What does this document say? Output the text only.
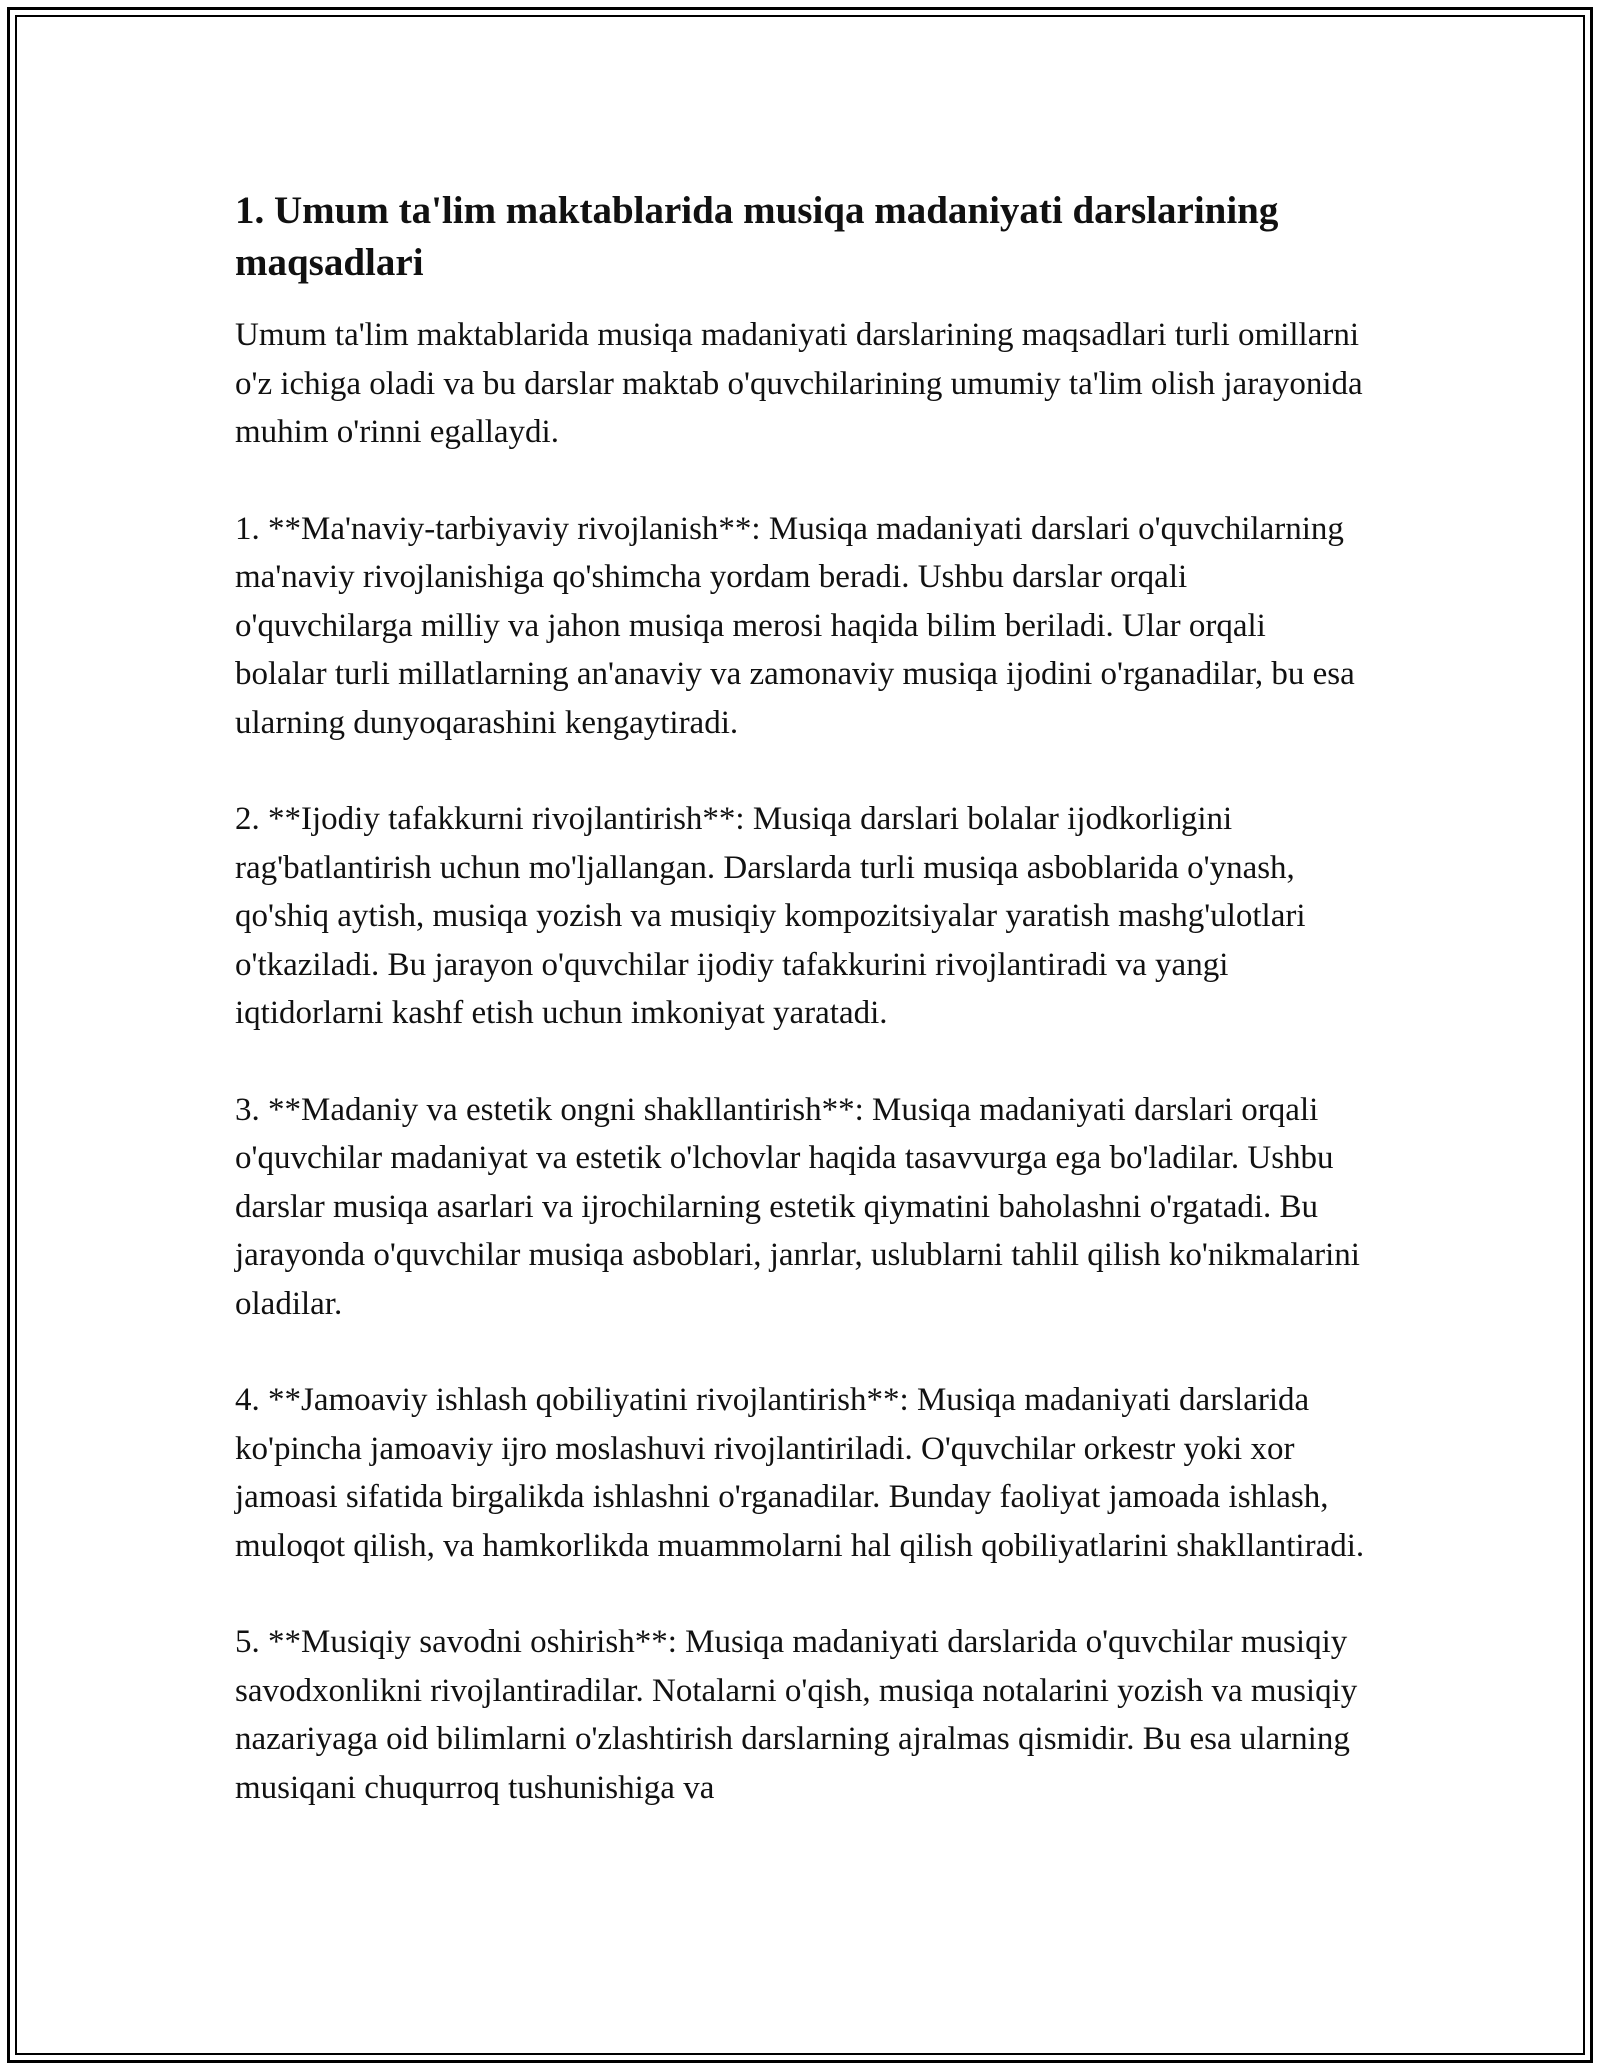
1. Umum ta'lim maktablarida musiqa madaniyati darslarining maqsadlari

Umum ta'lim maktablarida musiqa madaniyati darslarining maqsadlari turli omillarni o'z ichiga oladi va bu darslar maktab o'quvchilarining umumiy ta'lim olish jarayonida muhim o'rinni egallaydi.

1. **Ma'naviy-tarbiyaviy rivojlanish**: Musiqa madaniyati darslari o'quvchilarning ma'naviy rivojlanishiga qo'shimcha yordam beradi. Ushbu darslar orqali o'quvchilarga milliy va jahon musiqa merosi haqida bilim beriladi. Ular orqali bolalar turli millatlarning an'anaviy va zamonaviy musiqa ijodini o'rganadilar, bu esa ularning dunyoqarashini kengaytiradi.

2. **Ijodiy tafakkurni rivojlantirish**: Musiqa darslari bolalar ijodkorligini rag'batlantirish uchun mo'ljallangan. Darslarda turli musiqa asboblarida o'ynash, qo'shiq aytish, musiqa yozish va musiqiy kompozitsiyalar yaratish mashg'ulotlari o'tkaziladi. Bu jarayon o'quvchilar ijodiy tafakkurini rivojlantiradi va yangi iqtidorlarni kashf etish uchun imkoniyat yaratadi.

3. **Madaniy va estetik ongni shakllantirish**: Musiqa madaniyati darslari orqali o'quvchilar madaniyat va estetik o'lchovlar haqida tasavvurga ega bo'ladilar. Ushbu darslar musiqa asarlari va ijrochilarning estetik qiymatini baholashni o'rgatadi. Bu jarayonda o'quvchilar musiqa asboblari, janrlar, uslublarni tahlil qilish ko'nikmalarini oladilar.

4. **Jamoaviy ishlash qobiliyatini rivojlantirish**: Musiqa madaniyati darslarida ko'pincha jamoaviy ijro moslashuvi rivojlantiriladi. O'quvchilar orkestr yoki xor jamoasi sifatida birgalikda ishlashni o'rganadilar. Bunday faoliyat jamoada ishlash, muloqot qilish, va hamkorlikda muammolarni hal qilish qobiliyatlarini shakllantiradi.

5. **Musiqiy savodni oshirish**: Musiqa madaniyati darslarida o'quvchilar musiqiy savodxonlikni rivojlantiradilar. Notalarni o'qish, musiqa notalarini yozish va musiqiy nazariyaga oid bilimlarni o'zlashtirish darslarning ajralmas qismidir. Bu esa ularning musiqani chuqurroq tushunishiga va
